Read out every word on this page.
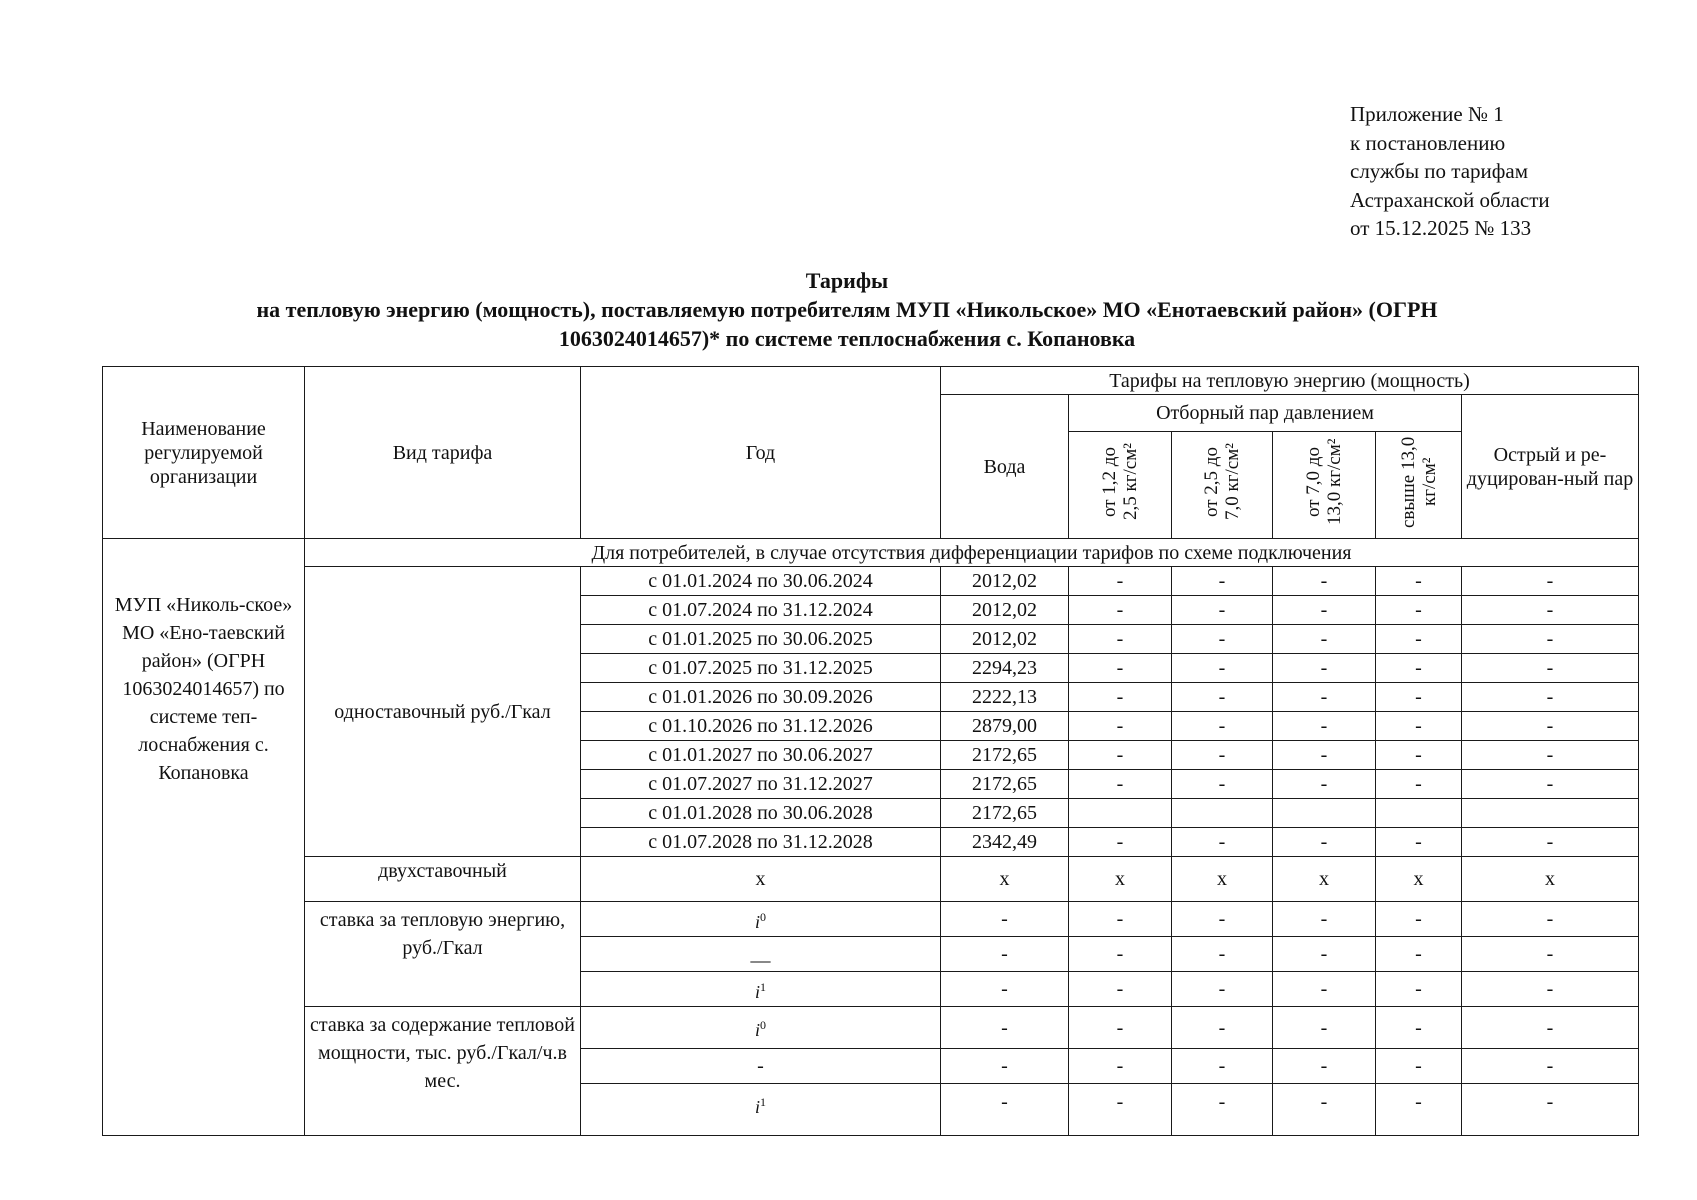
Приложение № 1
к постановлению
службы по тарифам
Астраханской области
от 15.12.2025 № 133
Тарифы
на тепловую энергию (мощность), поставляемую потребителям МУП «Никольское» МО «Енотаевский район» (ОГРН
1063024014657)* по системе теплоснабжения с. Копановка
Наименование регулируемой организации	Вид тарифа	Год	Тарифы на тепловую энергию (мощность)					
			Вода	Отборный пар давлением				Острый и ре-дуцирован-ный пар
				от 1,2 до 2,5 кг/см²	от 2,5 до 7,0 кг/см²	от 7,0 до 13,0 кг/см²	свыше 13,0 кг/см²	
МУП «Николь-ское» МО «Ено-таевский район» (ОГРН 1063024014657) по системе теп-лоснабжения с. Копановка	Для потребителей, в случае отсутствия дифференциации тарифов по схеме подключения							
	одноставочный руб./Гкал	с 01.01.2024 по 30.06.2024	2012,02	-	-	-	-	-
		с 01.07.2024 по 31.12.2024	2012,02	-	-	-	-	-
		с 01.01.2025 по 30.06.2025	2012,02	-	-	-	-	-
		с 01.07.2025 по 31.12.2025	2294,23	-	-	-	-	-
		с 01.01.2026 по 30.09.2026	2222,13	-	-	-	-	-
		с 01.10.2026 по 31.12.2026	2879,00	-	-	-	-	-
		с 01.01.2027 по 30.06.2027	2172,65	-	-	-	-	-
		с 01.07.2027 по 31.12.2027	2172,65	-	-	-	-	-
		с 01.01.2028 по 30.06.2028	2172,65					
		с 01.07.2028 по 31.12.2028	2342,49	-	-	-	-	-
	двухставочный	x	x	x	x	x	x	x
	ставка за тепловую энергию, руб./Гкал	$i^0$	-	-	-	-	-	-
		__	-	-	-	-	-	-
		$i^1$	-	-	-	-	-	-
	ставка за содержание тепловой мощности, тыс. руб./Гкал/ч.в мес.	$i^0$	-	-	-	-	-	-
		-	-	-	-	-	-	-
		$i^1$	-	-	-	-	-	-
